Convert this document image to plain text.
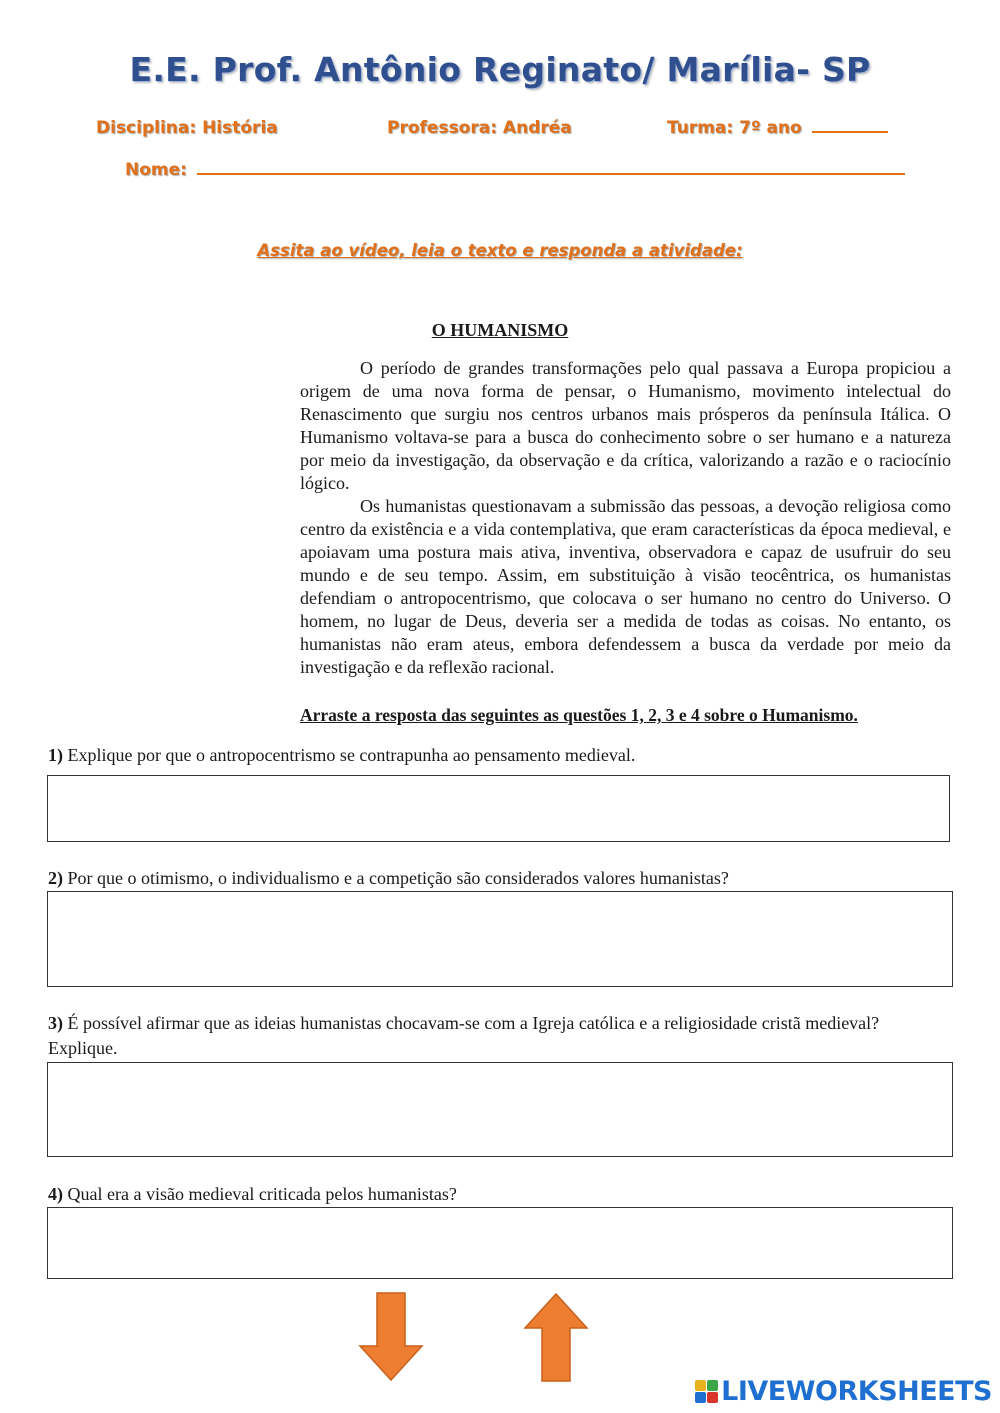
E.E. Prof. Antônio Reginato/ Marília- SP
Disciplina: História	Professora: Andréa	Turma: 7º ano
Nome:
Assita ao vídeo, leia o texto e responda a atividade:
O HUMANISMO
O período de grandes transformações pelo qual passava a Europa propiciou a origem de uma nova forma de pensar, o Humanismo, movimento intelectual do Renascimento que surgiu nos centros urbanos mais prósperos da península Itálica. O Humanismo voltava-se para a busca do conhecimento sobre o ser humano e a natureza por meio da investigação, da observação e da crítica, valorizando a razão e o raciocínio lógico.
Os humanistas questionavam a submissão das pessoas, a devoção religiosa como centro da existência e a vida contemplativa, que eram características da época medieval, e apoiavam uma postura mais ativa, inventiva, observadora e capaz de usufruir do seu mundo e de seu tempo. Assim, em substituição à visão teocêntrica, os humanistas defendiam o antropocentrismo, que colocava o ser humano no centro do Universo. O homem, no lugar de Deus, deveria ser a medida de todas as coisas. No entanto, os humanistas não eram ateus, embora defendessem a busca da verdade por meio da investigação e da reflexão racional.
Arraste a resposta das seguintes as questões 1, 2, 3 e 4 sobre o Humanismo.
1) Explique por que o antropocentrismo se contrapunha ao pensamento medieval.
2) Por que o otimismo, o individualismo e a competição são considerados valores humanistas?
3) É possível afirmar que as ideias humanistas chocavam-se com a Igreja católica e a religiosidade cristã medieval? Explique.
4) Qual era a visão medieval criticada pelos humanistas?
LIVEWORKSHEETS
